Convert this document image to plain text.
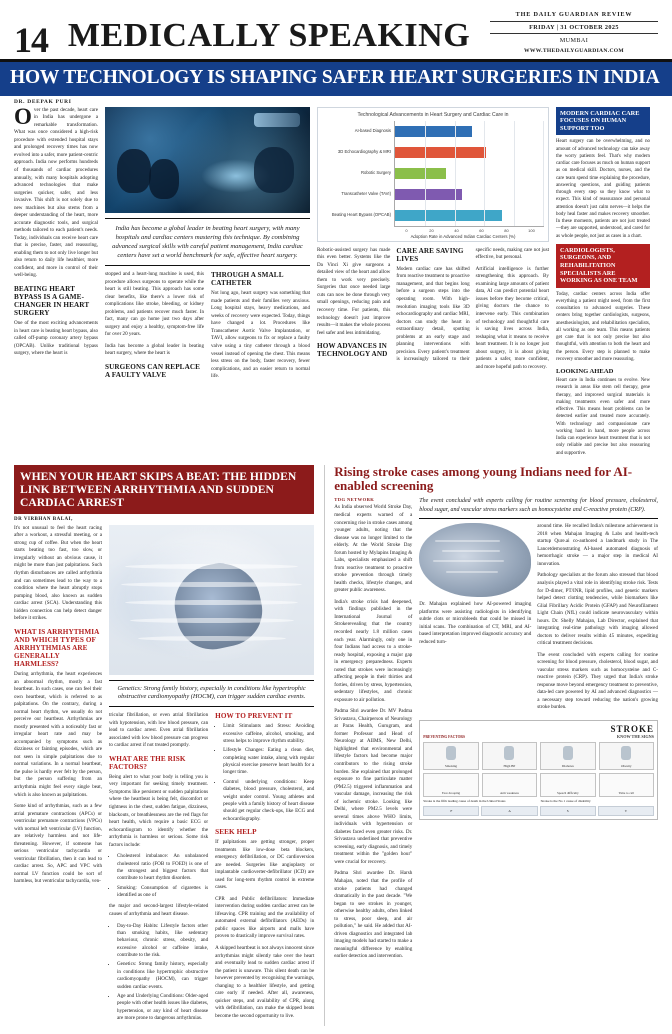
14 MEDICALLY SPEAKING
THE DAILY GUARDIAN REVIEW
FRIDAY | 31 OCTOBER 2025
MUMBAI
WWW.THEDAILYGUARDIAN.COM
HOW TECHNOLOGY IS SHAPING SAFER HEART SURGERIES IN INDIA
DR. DEEPAK PURI

Over the past decade, heart care in India has undergone a remarkable transformation. What was once considered a high-risk procedure with extended hospital stays and prolonged recovery times has now evolved into a safer, more patient-centric approach. India now performs hundreds of thousands of cardiac procedures annually, with many hospitals adopting advanced technologies that make surgeries quicker, safer, and less invasive. This shift is not solely due to new machines but also stems from a deeper understanding of the heart, more accurate diagnostic tools, and surgical methods tailored to each patient's needs. Today, individuals can receive heart care that is precise, faster, and reassuring, enabling them to not only live longer but also return to daily life healthier, more confident, and more in control of their well-being.

BEATING HEART BYPASS IS A GAME-CHANGER IN HEART SURGERY

One of the most exciting advancements in heart care is beating heart bypass, also called off-pump coronary artery bypass (OPCAB). Unlike traditional bypass surgery, where the heart is

India has become a global leader in beating heart surgery, with many hospitals and cardiac centers mastering this technique. By combining advanced surgical skills with careful patient management, India cardiac centers have set a world benchmark for safe, effective heart surgery.

stopped and a heart-lung machine is used, this procedure allows surgeons to operate while the heart is still beating. This approach has some clear benefits, like there's a lower risk of complications like stroke, bleeding, or kidney problems, and patients recover much faster. In fact, many can go home just two days after surgery and enjoy a healthy, symptom-free life for over 20 years.

India has become a global leader in beating heart surgery, where the heart is

SURGEONS CAN REPLACE A FAULTY VALVE THROUGH A SMALL CATHETER

Not long ago, heart surgery was something that made patients and their families very anxious. Long hospital stays, heavy medications, and weeks of recovery were expected. Today, things have changed a lot. Procedures like Transcatheter Aortic Valve Implantation, or TAVI, allow surgeons to fix or replace a faulty valve using a tiny catheter through a blood vessel instead of opening the chest. This means less stress on the body, faster recovery, fewer complications, and an easier return to normal life.

Technological Advancements in Heart Surgery and Cardiac Care in
AI-based Diagnosis
3D Echocardiography & MRI
Robotic Surgery
Transcatheter Valve (TAVI)
Beating Heart Bypass (OPCAB)
0	20	40	60	80	100
Adoption Rate in Advanced Indian Cardiac Centers (%)

Robotic-assisted surgery has made this even better. Systems like the Da Vinci Xi give surgeons a detailed view of the heart and allow them to work very precisely. Surgeries that once needed large cuts can now be done through very small openings, reducing pain and recovery time. For patients, this technology doesn't just improve results—it makes the whole process feel safer and less intimidating.

HOW ADVANCES IN TECHNOLOGY AND CARE ARE SAVING LIVES

Modern cardiac care has shifted from reactive treatment to proactive management, and that begins long before a surgeon steps into the operating room. With high-resolution imaging tools like 3D echocardiography and cardiac MRI, doctors can study the heart in extraordinary detail, spotting problems at an early stage and planning interventions with precision. Every patient's treatment is increasingly tailored to their specific needs, making care not just effective, but personal.

Artificial intelligence is further strengthening this approach. By examining large amounts of patient data, AI can predict potential heart issues before they become critical, giving doctors the chance to intervene early. This combination of technology and thoughtful care is saving lives across India, reshaping what it means to receive heart treatment. It is no longer just about surgery, it is about giving patients a safer, more confident, and more hopeful path to recovery.

MODERN CARDIAC CARE FOCUSES ON HUMAN SUPPORT TOO

Heart surgery can be overwhelming, and no amount of advanced technology can take away the worry patients feel. That's why modern cardiac care focuses as much on human support as on medical skill. Doctors, nurses, and the care team spend time explaining the procedure, answering questions, and guiding patients through every step so they know what to expect. This kind of reassurance and personal attention doesn't just calm nerves—it helps the body heal faster and makes recovery smoother. In these moments, patients are not just treated—they are supported, understood, and cared for as whole people, not just as cases in a chart.

CARDIOLOGISTS, SURGEONS, AND REHABILITATION SPECIALISTS ARE WORKING AS ONE TEAM

Today, cardiac centers across India offer everything a patient might need, from the first consultation to advanced surgeries. These centers bring together cardiologists, surgeons, anesthesiologists, and rehabilitation specialists, all working as one team. This means patients get care that is not only precise but also thoughtful, with attention to both the heart and the person. Every step is planned to make recovery smoother and more reassuring.

LOOKING AHEAD

Heart care in India continues to evolve. New research in areas like stem cell therapy, gene therapy, and improved surgical materials is making treatments even safer and more effective. This means heart problems can be detected earlier and treated more accurately. With technology and compassionate care working hand in hand, more people across India can experience heart treatment that is not only reliable and precise but also reassuring and supportive.

WHEN YOUR HEART SKIPS A BEAT: THE HIDDEN LINK BETWEEN ARRHYTHMIA AND SUDDEN CARDIAC ARREST
DR VIRBHAN BALAI,

It's not unusual to feel the heart racing after a workout, a stressful meeting, or a strong cup of coffee. But when the heart starts beating too fast, too slow, or irregularly without an obvious cause, it might be more than just palpitations. Such rhythm disturbances are called arrhythmia and can sometimes lead to the way to a condition where the heart abruptly stops pumping blood, also known as sudden cardiac arrest (SCA). Understanding this hidden connection can help detect danger before it strikes.

WHAT IS ARRHYTHMIA AND WHICH TYPES OF ARRHYTHMIAS ARE GENERALLY HARMLESS?

During arrhythmia, the heart experiences an abnormal rhythm, mostly a fast heartbeat. In such cases, one can feel their own heartbeat, which is referred to as palpitations. On the contrary, during a normal heart rhythm, we usually do not perceive our heartbeat. Arrhythmias are mostly presented with a noticeably fast or irregular heart rate and may be accompanied by symptoms such as dizziness or fainting episodes, which are not seen in simple palpitations due to normal variations. In a normal heartbeat, the pulse is hardly ever felt by the person, but the person suffering from an arrhythmia might feel every single beat, which is also known as palpitations.

Some kind of arrhythmias, such as a few atrial premature contractions (APCs) or ventricular premature contractions (VPCs) with normal left ventricular (LV) function, are relatively harmless and not life-threatening. However, if someone has serious ventricular tachycardia or ventricular fibrillation, then it can lead to cardiac arrest. So, APC and VPC with normal LV function could be sort of harmless, but ventricular tachycardia, ven-

Genetics: Strong family history, especially in conditions like hypertrophic obstructive cardiomyopathy (HOCM), can trigger sudden cardiac events.

tricular fibrillation, or even atrial fibrillation with hypotension, with low blood pressure, can lead to cardiac arrest. Even atrial fibrillation associated with low blood pressure can progress to cardiac arrest if not treated promptly.

WHAT ARE THE RISK FACTORS?

Being alert to what your body is telling you is very important for seeking timely treatment. Symptoms like persistent or sudden palpitations where the heartbeat is being felt, discomfort or tightness in the chest, sudden fatigue, dizziness, blackouts, or breathlessness are the red flags for heart health, which require a basic ECG or echocardiogram to identify whether the arrhythmia is harmless or serious. Some risk factors include:

• Cholesterol imbalance: An unbalanced cholesterol ratio (FOB to FOED) is one of the strongest and biggest factors that contribute to heart rhythm disorders.
• Smoking: Consumption of cigarettes is identified as one of

the major and second-largest lifestyle-related causes of arrhythmia and heart disease.

• Day-to-Day Habits: Lifestyle factors other than smoking habits, like sedentary behaviour, chronic stress, obesity, and excessive alcohol or caffeine intake, contribute to the risk.
• Genetics: Strong family history, especially in conditions like hypertrophic obstructive cardiomyopathy (HOCM), can trigger sudden cardiac events.
• Age and Underlying Conditions: Older-aged people with other health issues like diabetes, hypertension, or any kind of heart disease are more prone to dangerous arrhythmias.
HOW TO PREVENT IT
• Limit Stimulants and Stress: Avoiding excessive caffeine, alcohol, smoking, and stress helps to improve rhythm stability.
• Lifestyle Changes: Eating a clean diet, completing water intake, along with regular physical exercise preserve heart health for a longer time.
• Control underlying conditions: Keep diabetes, blood pressure, cholesterol, and weight under control. Young athletes and people with a family history of heart disease should get regular check-ups, like ECG and echocardiography.
SEEK HELP

If palpitations are getting stronger, proper treatments like low-dose beta blockers, emergency defibrillation, or DC cardioversion are needed. Surgeries like angioplasty or implantable cardioverter-defibrillator (ICD) are used for long-term rhythm control in extreme cases.

CPR and Public defibrillators: Immediate intervention during sudden cardiac arrest can be lifesaving. CPR training and the availability of automated external defibrillators (AEDs) in public spaces like airports and malls have proven to drastically improve survival rates.

A skipped heartbeat is not always innocent since arrhythmias might silently take over the heart and eventually lead to sudden cardiac arrest if the patient is unaware. This silent death can be however prevented by recognising the warnings, changing to a healthier lifestyle, and getting care early if needed. After all, awareness, quicker steps, and availability of CPR, along with defibrillation, can make the skipped beats become the second opportunity to live.

Rising stroke cases among young Indians need for AI-enabled screening
TDG NETWORK

As India observed World Stroke Day, medical experts warned of a concerning rise in stroke cases among younger adults, noting that the disease was no longer limited to the elderly. At the World Stroke Day forum hosted by Mylapins Imaging & Labs, specialists emphasized a shift from reactive treatment to proactive stroke prevention through timely health checks, lifestyle changes, and greater public awareness.

India's stroke crisis had deepened, with findings published in the International Journal of Strokerevealing that the country recorded nearly 1.8 million cases each year. Alarmingly, only one in four Indians had access to a stroke-ready hospital, exposing a major gap in emergency preparedness. Experts noted that strokes were increasingly affecting people in their thirties and forties, driven by stress, hypertension, sedentary lifestyles, and chronic exposure to air pollution.

Padma Shri awardee Dr. MV Padma Srivastava, Chairperson of Neurology at Paras Health, Gurugram, and former Professor and Head of Neurology at AIIMS, New Delhi, highlighted that environmental and lifestyle factors had become major contributors to the rising stroke burden. She explained that prolonged exposure to fine particulate matter (PM2.5) triggered inflammation and vascular damage, increasing the risk of ischemic stroke. Looking like Delhi, where PM2.5 levels were several times above WHO limits, individuals with hypertension or diabetes faced even greater risks. Dr. Srivastava underlined that preventive screening, early diagnosis, and timely treatment within the "golden hour" were crucial for recovery.

Padma Shri awardee Dr. Harsh Mahajan, noted that the profile of stroke patients had changed dramatically in the past decade. "We began to see strokes in younger, otherwise healthy adults, often linked to stress, poor sleep, and air pollution," he said. He added that AI-driven diagnostics and integrated lab imaging models had started to make a meaningful difference by enabling earlier detection and intervention.

The event concluded with experts calling for routine screening for blood pressure, cholesterol, blood sugar, and vascular stress markers such as homocysteine and C-reactive protein (CRP).

Dr. Mahajan explained how AI-powered imaging platforms were assisting radiologists in identifying subtle clots or microbleeds that could be missed in initial scans. The combination of CT, MRI, and AI-based interpretation improved diagnostic accuracy and reduced turn-

around time. He recalled India's milestone achievement in 2018 when Mahajan Imaging & Labs and health-tech startup Qure.ai co-authored a landmark study in The Lancetdemonstrating AI-based automated diagnosis of hemorrhagic stroke — a major step in medical AI innovation.

Pathology specialists at the forum also stressed that blood analysis played a vital role in identifying stroke risk. Tests for D-dimer, PT/INR, lipid profiles, and genetic markers helped detect clotting tendencies, while biomarkers like Glial Fibrillary Acidic Protein (GFAP) and Neurofilament Light Chain (NfL) could indicate neurovasculary within hours. Dr. Shelly Mahajan, Lab Director, explained that integrating real-time pathology with imaging allowed doctors to deliver results within 45 minutes, expediting critical treatment decisions.

The event concluded with experts calling for routine screening for blood pressure, cholesterol, blood sugar, and vascular stress markers such as homocysteine and C-reactive protein (CRP). They urged that India's stroke response move beyond emergency treatment to preventive, data-led care powered by AI and advanced diagnostics — a necessary step toward reducing the nation's growing stroke burden.

PREVENTING FACTORS
STROKE
KNOW THE SIGNS
Smoking	High BP	Diabetes	Obesity
Face drooping	Arm weakness	Speech difficulty	Time to call
Stroke is the fifth leading cause of death in the United States	Stroke is the No 1 cause of disability
F	A	S	T
